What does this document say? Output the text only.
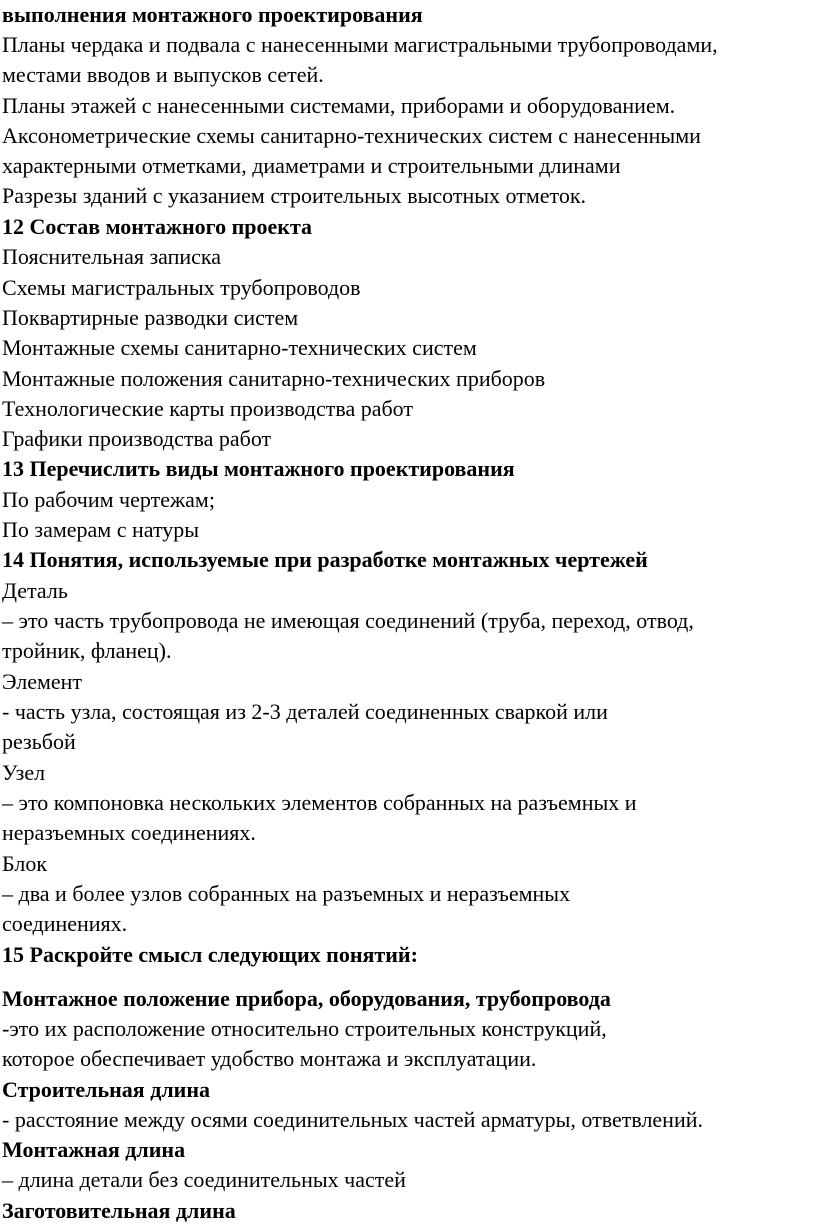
выполнения монтажного проектирования
Планы чердака и подвала с нанесенными магистральными трубопроводами,
местами вводов и выпусков сетей.
Планы этажей с нанесенными системами, приборами и оборудованием.
Аксонометрические схемы санитарно-технических систем с нанесенными
характерными отметками, диаметрами и строительными длинами
Разрезы зданий с указанием строительных высотных отметок.
12 Состав монтажного проекта
Пояснительная записка
Схемы магистральных трубопроводов
Поквартирные разводки систем
Монтажные схемы санитарно-технических систем
Монтажные положения санитарно-технических приборов
Технологические карты производства работ
Графики производства работ
13 Перечислить виды монтажного проектирования
По рабочим чертежам;
По замерам с натуры
14 Понятия, используемые при разработке монтажных чертежей
Деталь
– это часть трубопровода не имеющая соединений (труба, переход, отвод,
тройник, фланец).
Элемент
- часть узла, состоящая из 2-3 деталей соединенных сваркой или
резьбой
Узел
– это компоновка нескольких элементов собранных на разъемных и
неразъемных соединениях.
Блок
– два и более узлов собранных на разъемных и неразъемных
соединениях.
15 Раскройте смысл следующих понятий:
Монтажное положение прибора, оборудования, трубопровода
-это их расположение относительно строительных конструкций,
которое обеспечивает удобство монтажа и эксплуатации.
Строительная длина
- расстояние между осями соединительных частей арматуры, ответвлений.
Монтажная длина
– длина детали без соединительных частей
Заготовительная длина
